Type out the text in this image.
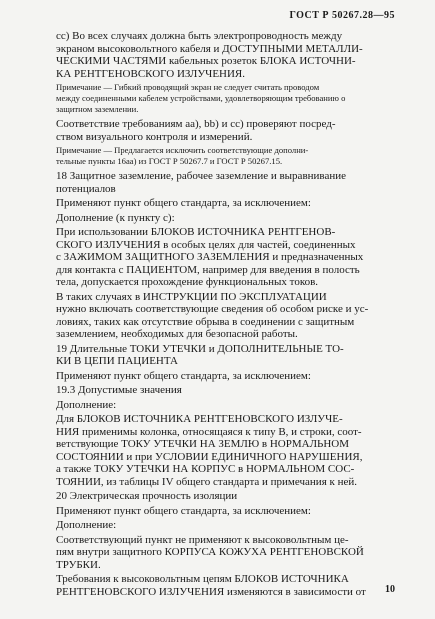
ГОСТ Р 50267.28—95
сс) Во всех случаях должна быть электропроводность между
экраном высоковольтного кабеля и ДОСТУПНЫМИ МЕТАЛЛИ-
ЧЕСКИМИ ЧАСТЯМИ кабельных розеток БЛОКА ИСТОЧНИ-
КА РЕНТГЕНОВСКОГО ИЗЛУЧЕНИЯ.
Примечание — Гибкий проводящий экран не следует считать проводом
между соединенными кабелем устройствами, удовлетворяющим требованию о
защитном заземлении.
Соответствие требованиям аа), bb) и сс) проверяют посред-
ством визуального контроля и измерений.
Примечание — Предлагается исключить соответствующие дополни-
тельные пункты 16аа) из ГОСТ Р 50267.7 и ГОСТ Р 50267.15.
18 Защитное заземление, рабочее заземление и выравнивание
потенциалов
Применяют пункт общего стандарта, за исключением:
Дополнение (к пункту с):
При использовании БЛОКОВ ИСТОЧНИКА РЕНТГЕНОВ-
СКОГО ИЗЛУЧЕНИЯ в особых целях для частей, соединенных
с ЗАЖИМОМ ЗАЩИТНОГО ЗАЗЕМЛЕНИЯ и предназначенных
для контакта с ПАЦИЕНТОМ, например для введения в полость
тела, допускается прохождение функциональных токов.
В таких случаях в ИНСТРУКЦИИ ПО ЭКСПЛУАТАЦИИ
нужно включать соответствующие сведения об особом риске и ус-
ловиях, таких как отсутствие обрыва в соединении с защитным
заземлением, необходимых для безопасной работы.
19 Длительные ТОКИ УТЕЧКИ и ДОПОЛНИТЕЛЬНЫЕ ТО-
КИ В ЦЕПИ ПАЦИЕНТА
Применяют пункт общего стандарта, за исключением:
19.3 Допустимые значения
Дополнение:
Для БЛОКОВ ИСТОЧНИКА РЕНТГЕНОВСКОГО ИЗЛУЧЕ-
НИЯ применимы колонка, относящаяся к типу В, и строки, соот-
ветствующие ТОКУ УТЕЧКИ НА ЗЕМЛЮ в НОРМАЛЬНОМ
СОСТОЯНИИ и при УСЛОВИИ ЕДИНИЧНОГО НАРУШЕНИЯ,
а также ТОКУ УТЕЧКИ НА КОРПУС в НОРМАЛЬНОМ СОС-
ТОЯНИИ, из таблицы IV общего стандарта и примечания к ней.
20 Электрическая прочность изоляции
Применяют пункт общего стандарта, за исключением:
Дополнение:
Соответствующий пункт не применяют к высоковольтным це-
пям внутри защитного КОРПУСА КОЖУХА РЕНТГЕНОВСКОЙ
ТРУБКИ.
Требования к высоковольтным цепям БЛОКОВ ИСТОЧНИКА
РЕНТГЕНОВСКОГО ИЗЛУЧЕНИЯ изменяются в зависимости от	10
